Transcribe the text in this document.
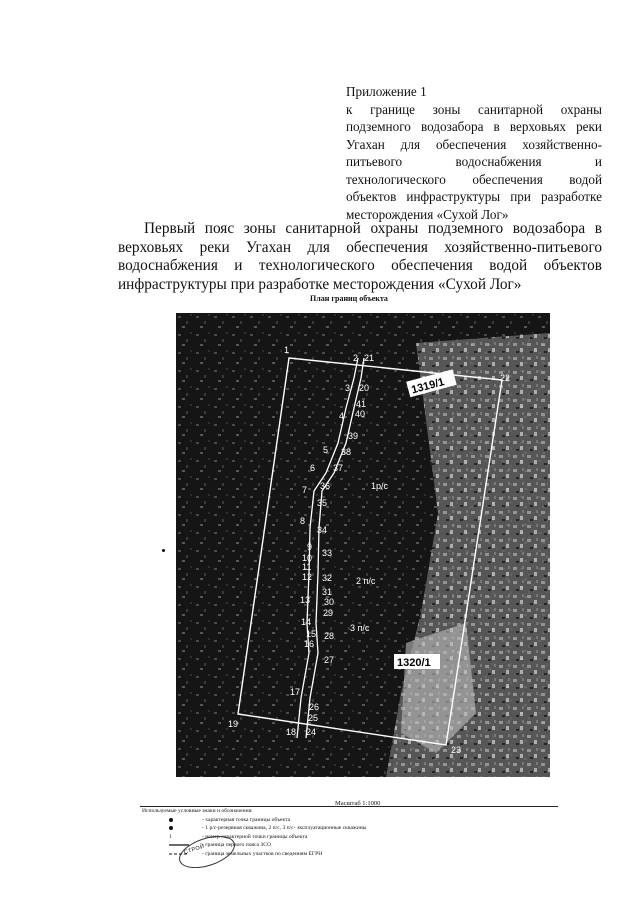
Приложение 1
к границе зоны санитарной охраны подземного водозабора в верховьях реки Угахан для обеспечения хозяйственно-питьевого водоснабжения и технологического обеспечения водой объектов инфраструктуры при разработке месторождения «Сухой Лог»
Первый пояс зоны санитарной охраны подземного водозабора в верховьях реки Угахан для обеспечения хозяйственно-питьевого водоснабжения и технологического обеспечения водой объектов инфраструктуры при разработке месторождения «Сухой Лог»
План границ объекта
1
22
23
19
2
3
4
5
6
7
8
9
10
11
12
13
14
15
16
17
18
21
20
41
40
39
38
37
36
35
34
33
32
31
30
29
28
27
26
25
24
1р/с
2 п/с
3 п/с
1319/1
1320/1
Масштаб 1:1000
Используемые условные знаки и обозначения:
- характерная точка границы объекта
- 1 р/с-резервная скважина, 2 п/с, 3 п/с- эксплуатационные скважины
1	- номер характерной точки границы объекта
- граница первого пояса ЗСО
- граница земельных участков по сведениям ЕГРН
СТРОЙ
